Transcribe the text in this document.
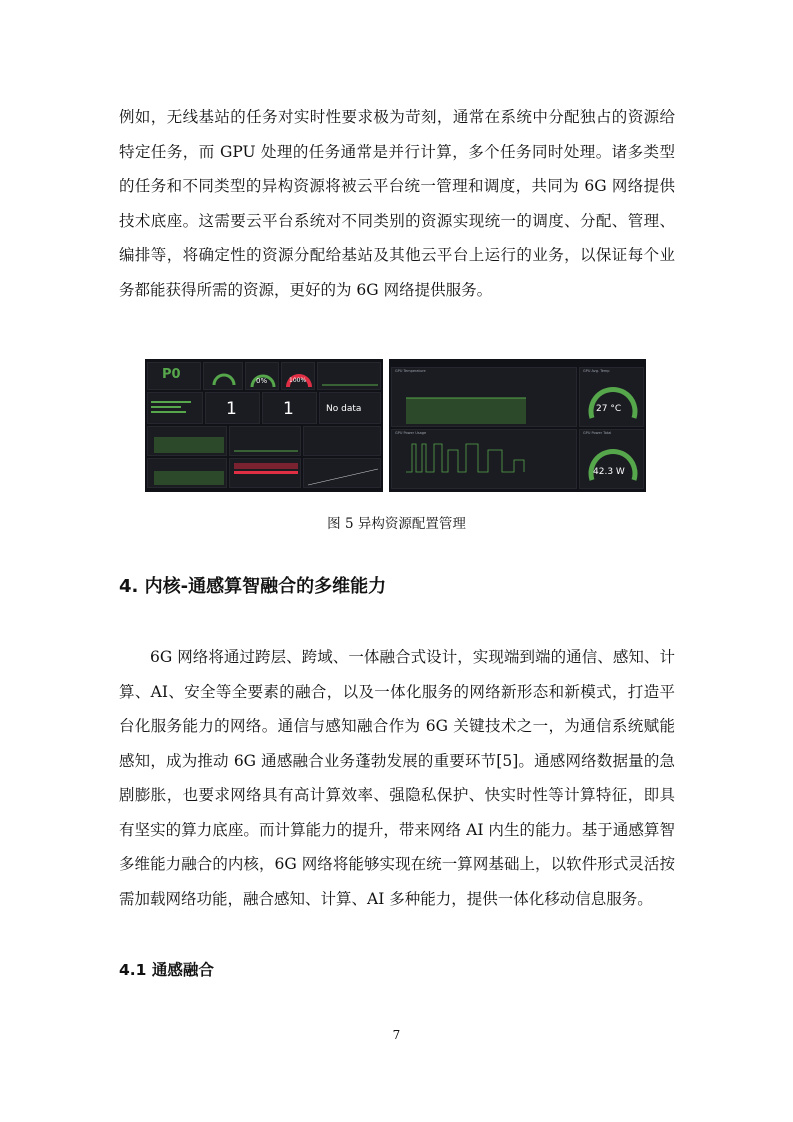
例如，无线基站的任务对实时性要求极为苛刻，通常在系统中分配独占的资源给特定任务，而 GPU 处理的任务通常是并行计算，多个任务同时处理。诸多类型的任务和不同类型的异构资源将被云平台统一管理和调度，共同为 6G 网络提供技术底座。这需要云平台系统对不同类别的资源实现统一的调度、分配、管理、编排等，将确定性的资源分配给基站及其他云平台上运行的业务，以保证每个业务都能获得所需的资源，更好的为 6G 网络提供服务。

P0	0%	100%
1	1	No data
GPU Temperature	GPU Avg. Temp
27 °C
GPU Power Usage	GPU Power Total
42.3 W
图 5 异构资源配置管理
4. 内核-通感算智融合的多维能力

6G 网络将通过跨层、跨域、一体融合式设计，实现端到端的通信、感知、计算、AI、安全等全要素的融合，以及一体化服务的网络新形态和新模式，打造平台化服务能力的网络。通信与感知融合作为 6G 关键技术之一，为通信系统赋能感知，成为推动 6G 通感融合业务蓬勃发展的重要环节[5]。通感网络数据量的急剧膨胀，也要求网络具有高计算效率、强隐私保护、快实时性等计算特征，即具有坚实的算力底座。而计算能力的提升，带来网络 AI 内生的能力。基于通感算智多维能力融合的内核，6G 网络将能够实现在统一算网基础上，以软件形式灵活按需加载网络功能，融合感知、计算、AI 多种能力，提供一体化移动信息服务。

4.1 通感融合
7
